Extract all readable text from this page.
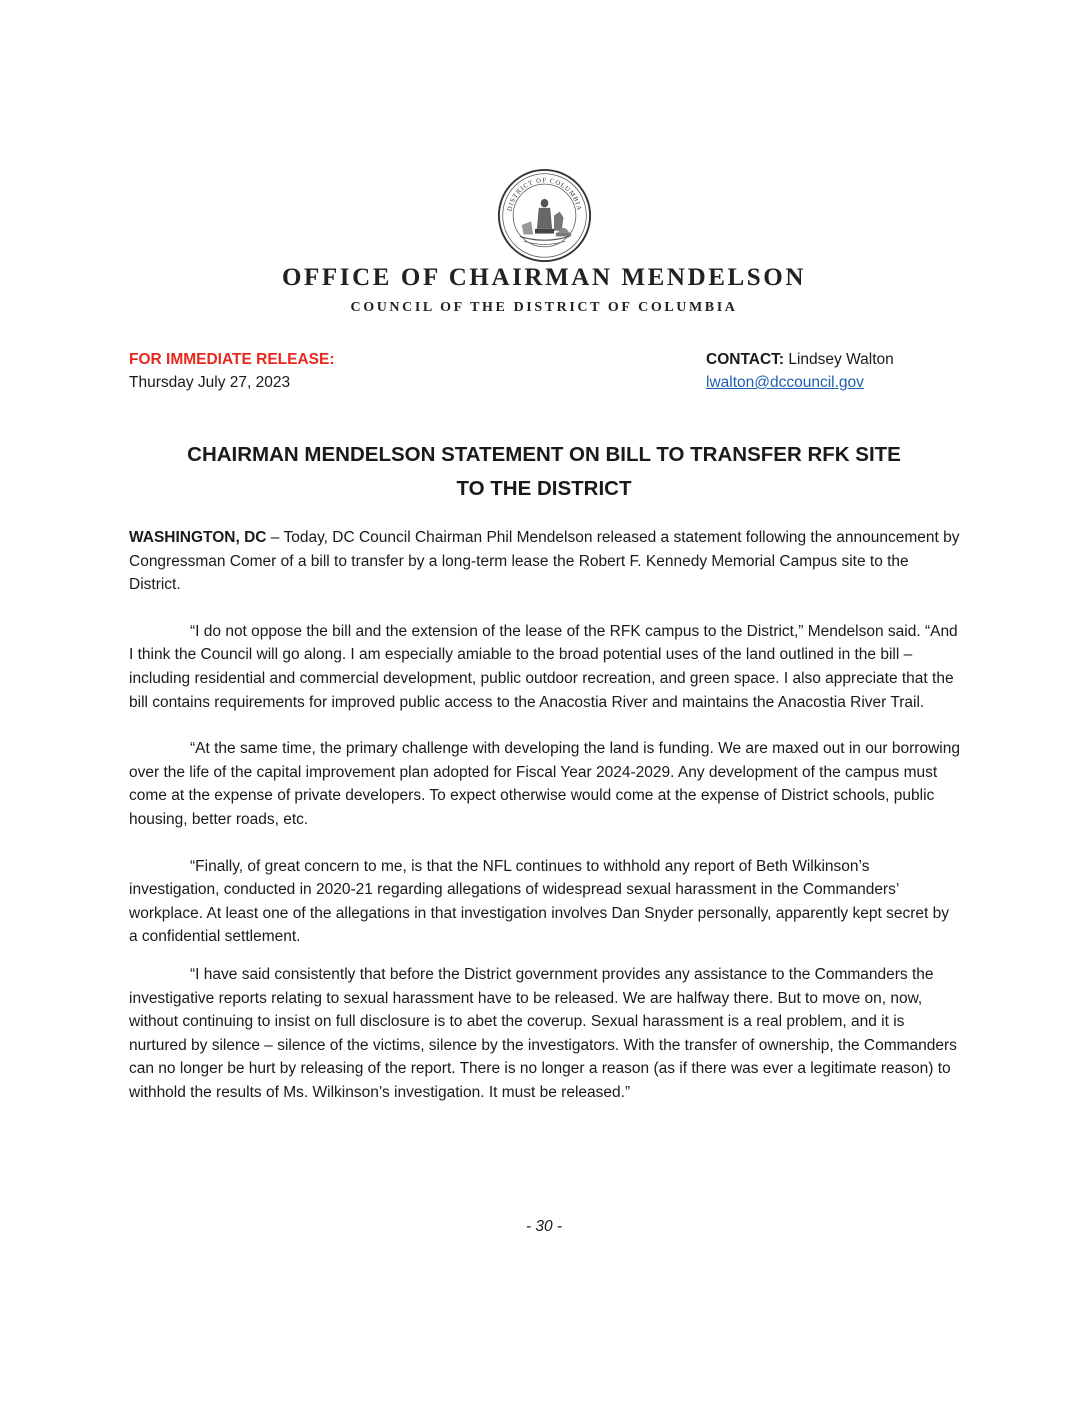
DISTRICT OF COLUMBIA
OFFICE OF CHAIRMAN MENDELSON
COUNCIL OF THE DISTRICT OF COLUMBIA
FOR IMMEDIATE RELEASE:
Thursday July 27, 2023
CONTACT: Lindsey Walton
lwalton@dccouncil.gov
CHAIRMAN MENDELSON STATEMENT ON BILL TO TRANSFER RFK SITE
TO THE DISTRICT

WASHINGTON, DC – Today, DC Council Chairman Phil Mendelson released a statement following the announcement by Congressman Comer of a bill to transfer by a long-term lease the Robert F. Kennedy Memorial Campus site to the District.

“I do not oppose the bill and the extension of the lease of the RFK campus to the District,” Mendelson said. “And I think the Council will go along. I am especially amiable to the broad potential uses of the land outlined in the bill – including residential and commercial development, public outdoor recreation, and green space. I also appreciate that the bill contains requirements for improved public access to the Anacostia River and maintains the Anacostia River Trail.

“At the same time, the primary challenge with developing the land is funding. We are maxed out in our borrowing over the life of the capital improvement plan adopted for Fiscal Year 2024-2029. Any development of the campus must come at the expense of private developers. To expect otherwise would come at the expense of District schools, public housing, better roads, etc.

“Finally, of great concern to me, is that the NFL continues to withhold any report of Beth Wilkinson’s investigation, conducted in 2020-21 regarding allegations of widespread sexual harassment in the Commanders’ workplace. At least one of the allegations in that investigation involves Dan Snyder personally, apparently kept secret by a confidential settlement.

“I have said consistently that before the District government provides any assistance to the Commanders the investigative reports relating to sexual harassment have to be released. We are halfway there. But to move on, now, without continuing to insist on full disclosure is to abet the coverup. Sexual harassment is a real problem, and it is nurtured by silence – silence of the victims, silence by the investigators. With the transfer of ownership, the Commanders can no longer be hurt by releasing of the report. There is no longer a reason (as if there was ever a legitimate reason) to withhold the results of Ms. Wilkinson’s investigation. It must be released.”

- 30 -
